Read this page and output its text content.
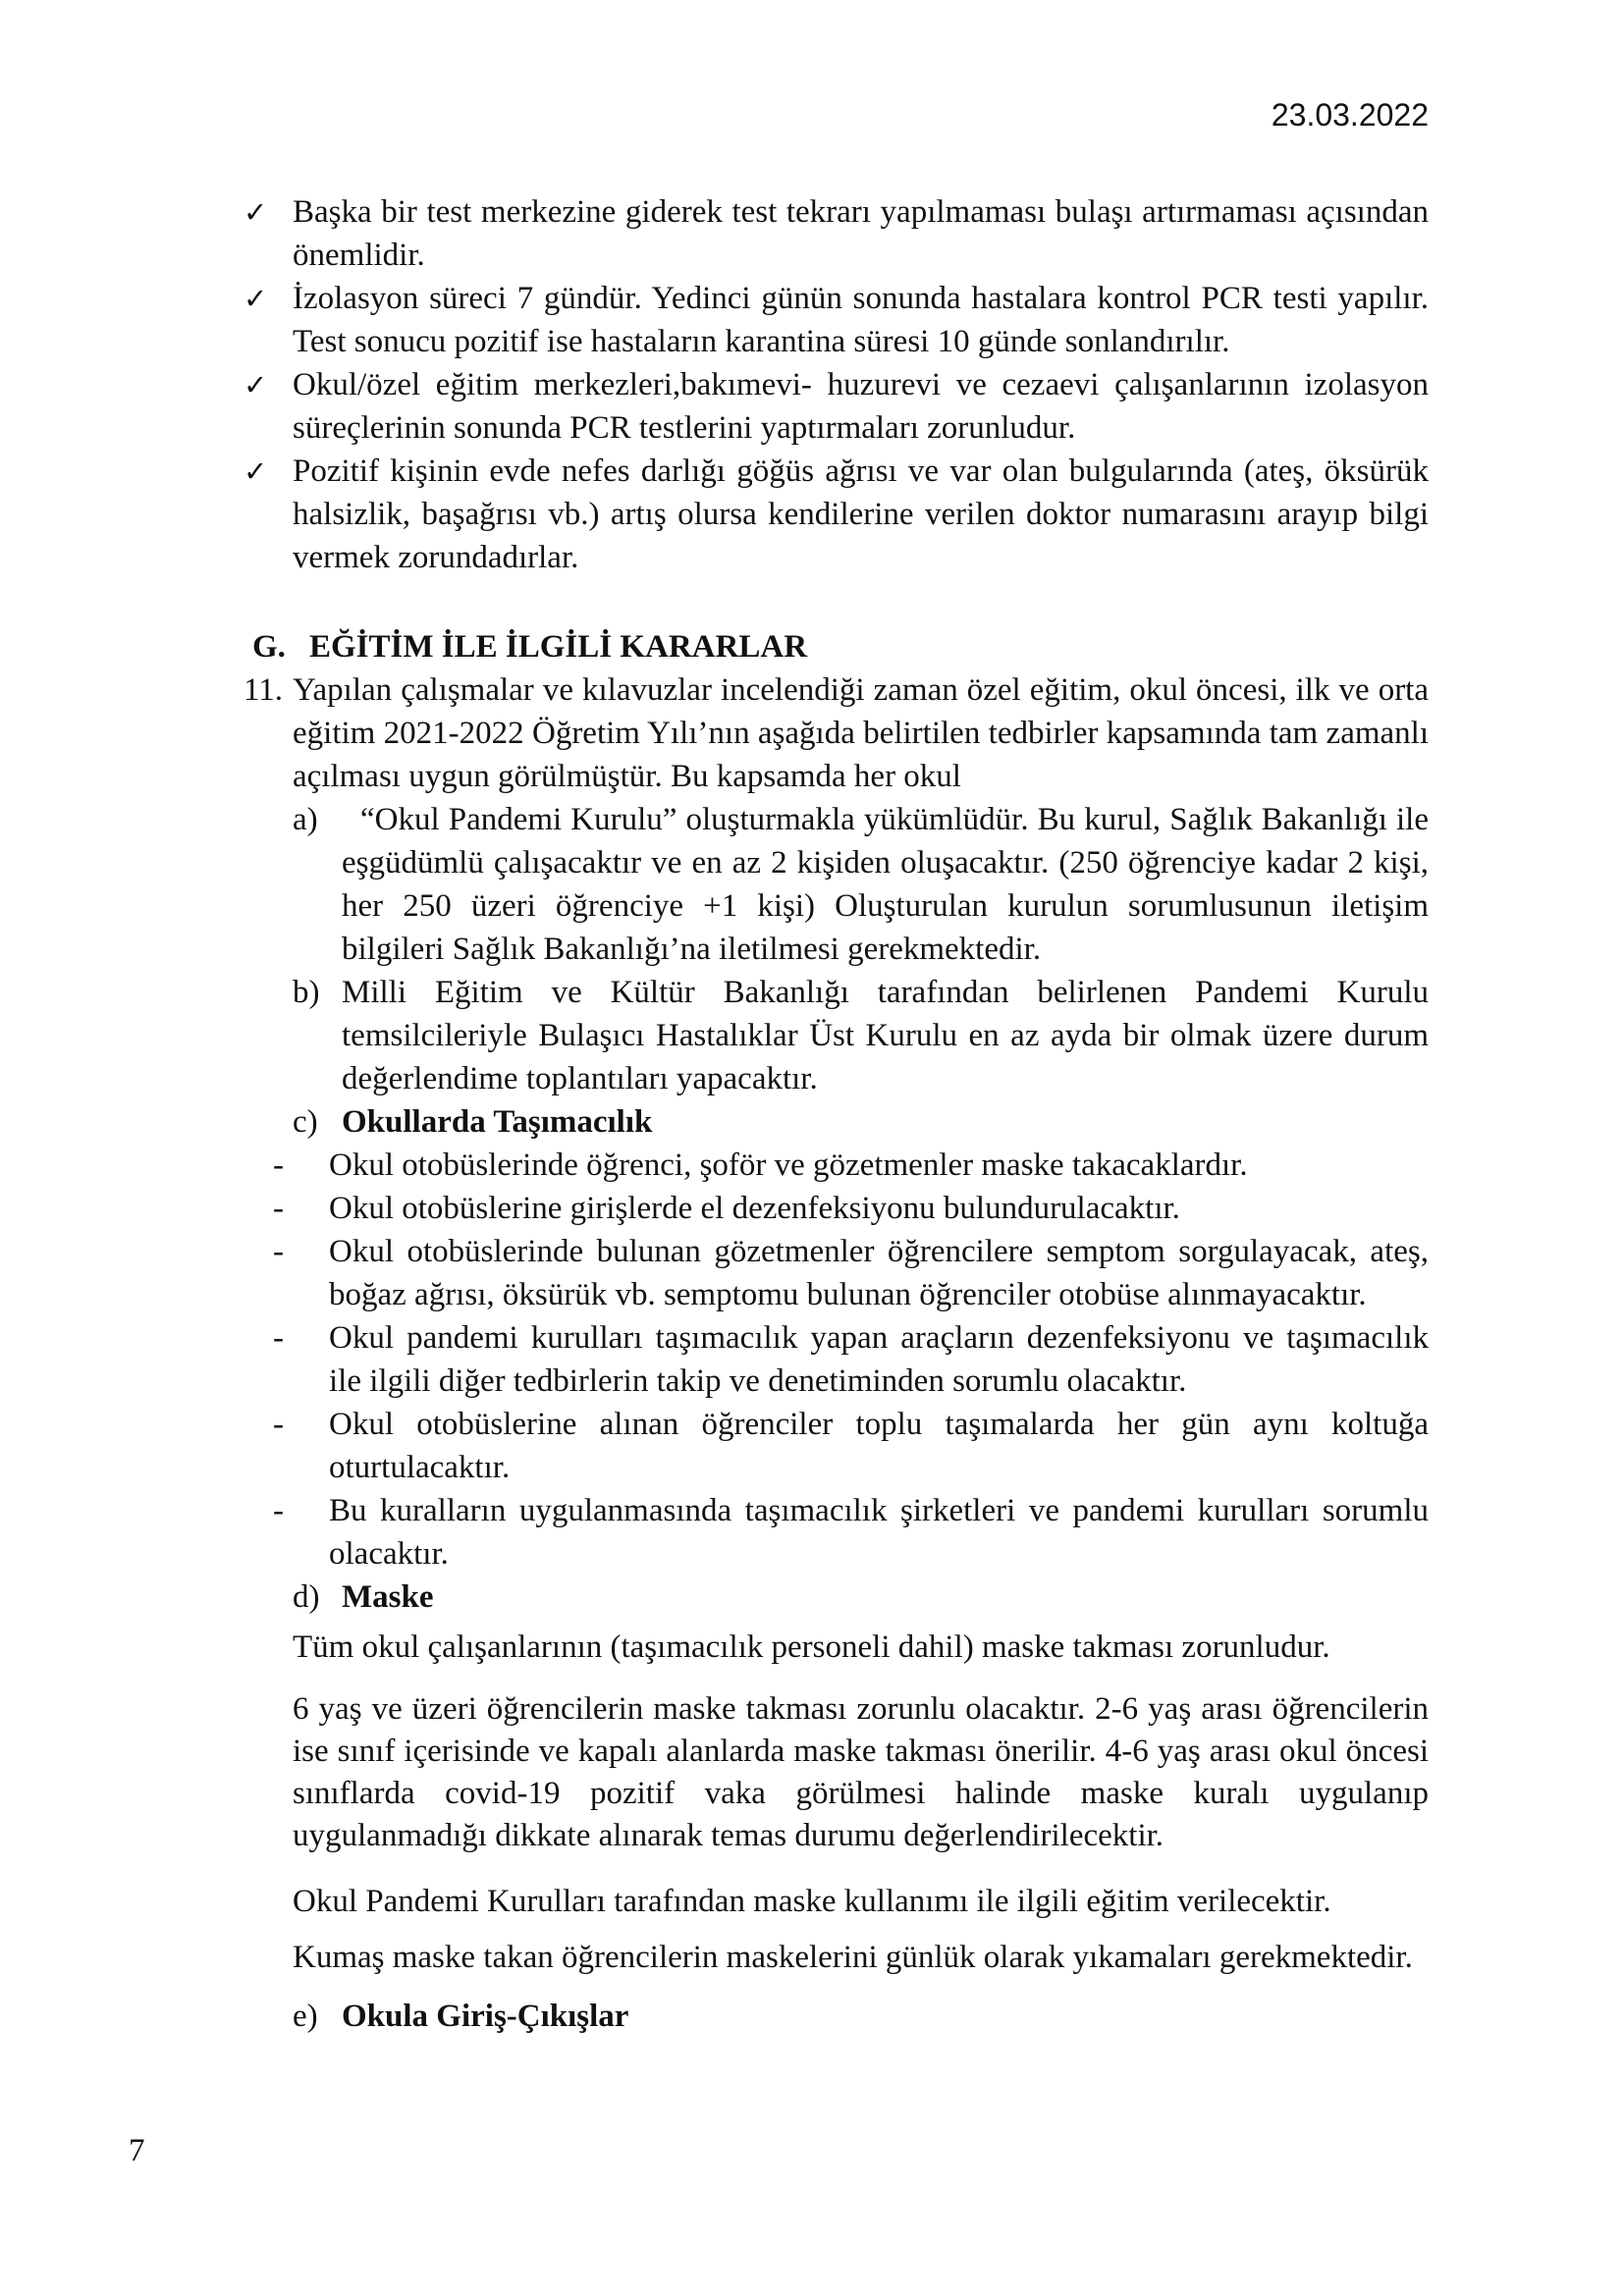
23.03.2022
✓ Başka bir test merkezine giderek test tekrarı yapılmaması bulaşı artırmaması açısından önemlidir.
✓ İzolasyon süreci 7 gündür. Yedinci günün sonunda hastalara kontrol PCR testi yapılır. Test sonucu pozitif ise hastaların karantina süresi 10 günde sonlandırılır.
✓ Okul/özel eğitim merkezleri,bakımevi- huzurevi ve cezaevi çalışanlarının izolasyon süreçlerinin sonunda PCR testlerini yaptırmaları zorunludur.
✓ Pozitif kişinin evde nefes darlığı göğüs ağrısı ve var olan bulgularında (ateş, öksürük halsizlik, başağrısı vb.) artış olursa kendilerine verilen doktor numarasını arayıp bilgi vermek zorundadırlar.
G. EĞİTİM İLE İLGİLİ KARARLAR
11. Yapılan çalışmalar ve kılavuzlar incelendiği zaman özel eğitim, okul öncesi, ilk ve orta eğitim 2021-2022 Öğretim Yılı’nın aşağıda belirtilen tedbirler kapsamında tam zamanlı açılması uygun görülmüştür. Bu kapsamda her okul
a)	“Okul Pandemi Kurulu” oluşturmakla yükümlüdür. Bu kurul, Sağlık Bakanlığı ile eşgüdümlü çalışacaktır ve en az 2 kişiden oluşacaktır. (250 öğrenciye kadar 2 kişi, her 250 üzeri öğrenciye +1 kişi) Oluşturulan kurulun sorumlusunun iletişim bilgileri Sağlık Bakanlığı’na iletilmesi gerekmektedir.
b) Milli Eğitim ve Kültür Bakanlığı tarafından belirlenen Pandemi Kurulu temsilcileriyle Bulaşıcı Hastalıklar Üst Kurulu en az ayda bir olmak üzere durum değerlendime toplantıları yapacaktır.
c) Okullarda Taşımacılık
-	Okul otobüslerinde öğrenci, şoför ve gözetmenler maske takacaklardır.
-	Okul otobüslerine girişlerde el dezenfeksiyonu bulundurulacaktır.
-	Okul otobüslerinde bulunan gözetmenler öğrencilere semptom sorgulayacak, ateş, boğaz ağrısı, öksürük vb. semptomu bulunan öğrenciler otobüse alınmayacaktır.
-	Okul pandemi kurulları taşımacılık yapan araçların dezenfeksiyonu ve taşımacılık ile ilgili diğer tedbirlerin takip ve denetiminden sorumlu olacaktır.
-	Okul otobüslerine alınan öğrenciler toplu taşımalarda her gün aynı koltuğa oturtulacaktır.
-	Bu kuralların uygulanmasında taşımacılık şirketleri ve pandemi kurulları sorumlu olacaktır.
d) Maske
Tüm okul çalışanlarının (taşımacılık personeli dahil) maske takması zorunludur.
6 yaş ve üzeri öğrencilerin maske takması zorunlu olacaktır. 2-6 yaş arası öğrencilerin ise sınıf içerisinde ve kapalı alanlarda maske takması önerilir. 4-6 yaş arası okul öncesi sınıflarda covid-19 pozitif vaka görülmesi halinde maske kuralı uygulanıp uygulanmadığı dikkate alınarak temas durumu değerlendirilecektir.
Okul Pandemi Kurulları tarafından maske kullanımı ile ilgili eğitim verilecektir.
Kumaş maske takan öğrencilerin maskelerini günlük olarak yıkamaları gerekmektedir.
e) Okula Giriş-Çıkışlar
7
